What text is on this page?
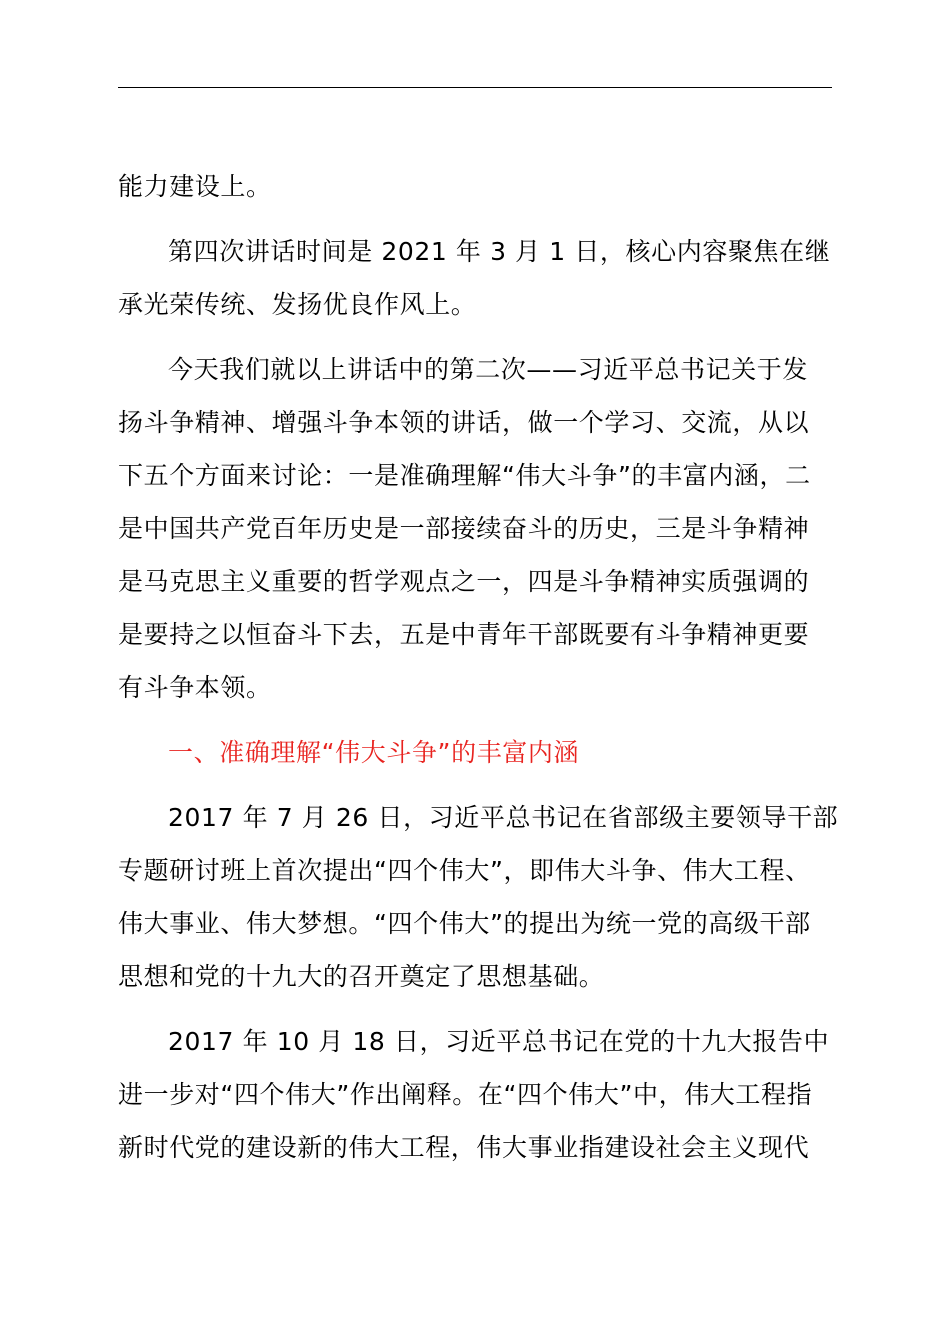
能力建设上。
第四次讲话时间是 2021 年 3 月 1 日，核心内容聚焦在继
承光荣传统、发扬优良作风上。
今天我们就以上讲话中的第二次——习近平总书记关于发
扬斗争精神、增强斗争本领的讲话，做一个学习、交流，从以
下五个方面来讨论：一是准确理解“伟大斗争”的丰富内涵，二
是中国共产党百年历史是一部接续奋斗的历史，三是斗争精神
是马克思主义重要的哲学观点之一，四是斗争精神实质强调的
是要持之以恒奋斗下去，五是中青年干部既要有斗争精神更要
有斗争本领。
一、准确理解“伟大斗争”的丰富内涵
2017 年 7 月 26 日，习近平总书记在省部级主要领导干部
专题研讨班上首次提出“四个伟大”，即伟大斗争、伟大工程、
伟大事业、伟大梦想。“四个伟大”的提出为统一党的高级干部
思想和党的十九大的召开奠定了思想基础。
2017 年 10 月 18 日，习近平总书记在党的十九大报告中
进一步对“四个伟大”作出阐释。在“四个伟大”中，伟大工程指
新时代党的建设新的伟大工程，伟大事业指建设社会主义现代
